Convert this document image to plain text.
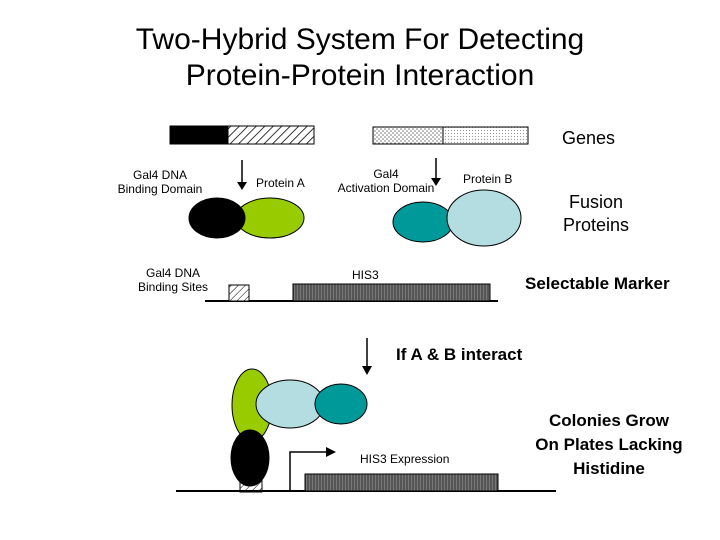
Two-Hybrid System For Detecting
Protein-Protein Interaction
Genes
Gal4 DNA
Binding Domain	Protein A
Gal4
Activation Domain
Protein B
Fusion
Proteins
Gal4 DNA
Binding Sites
HIS3	Selectable Marker
If A & B interact
HIS3 Expression
Colonies Grow
On Plates Lacking
Histidine
